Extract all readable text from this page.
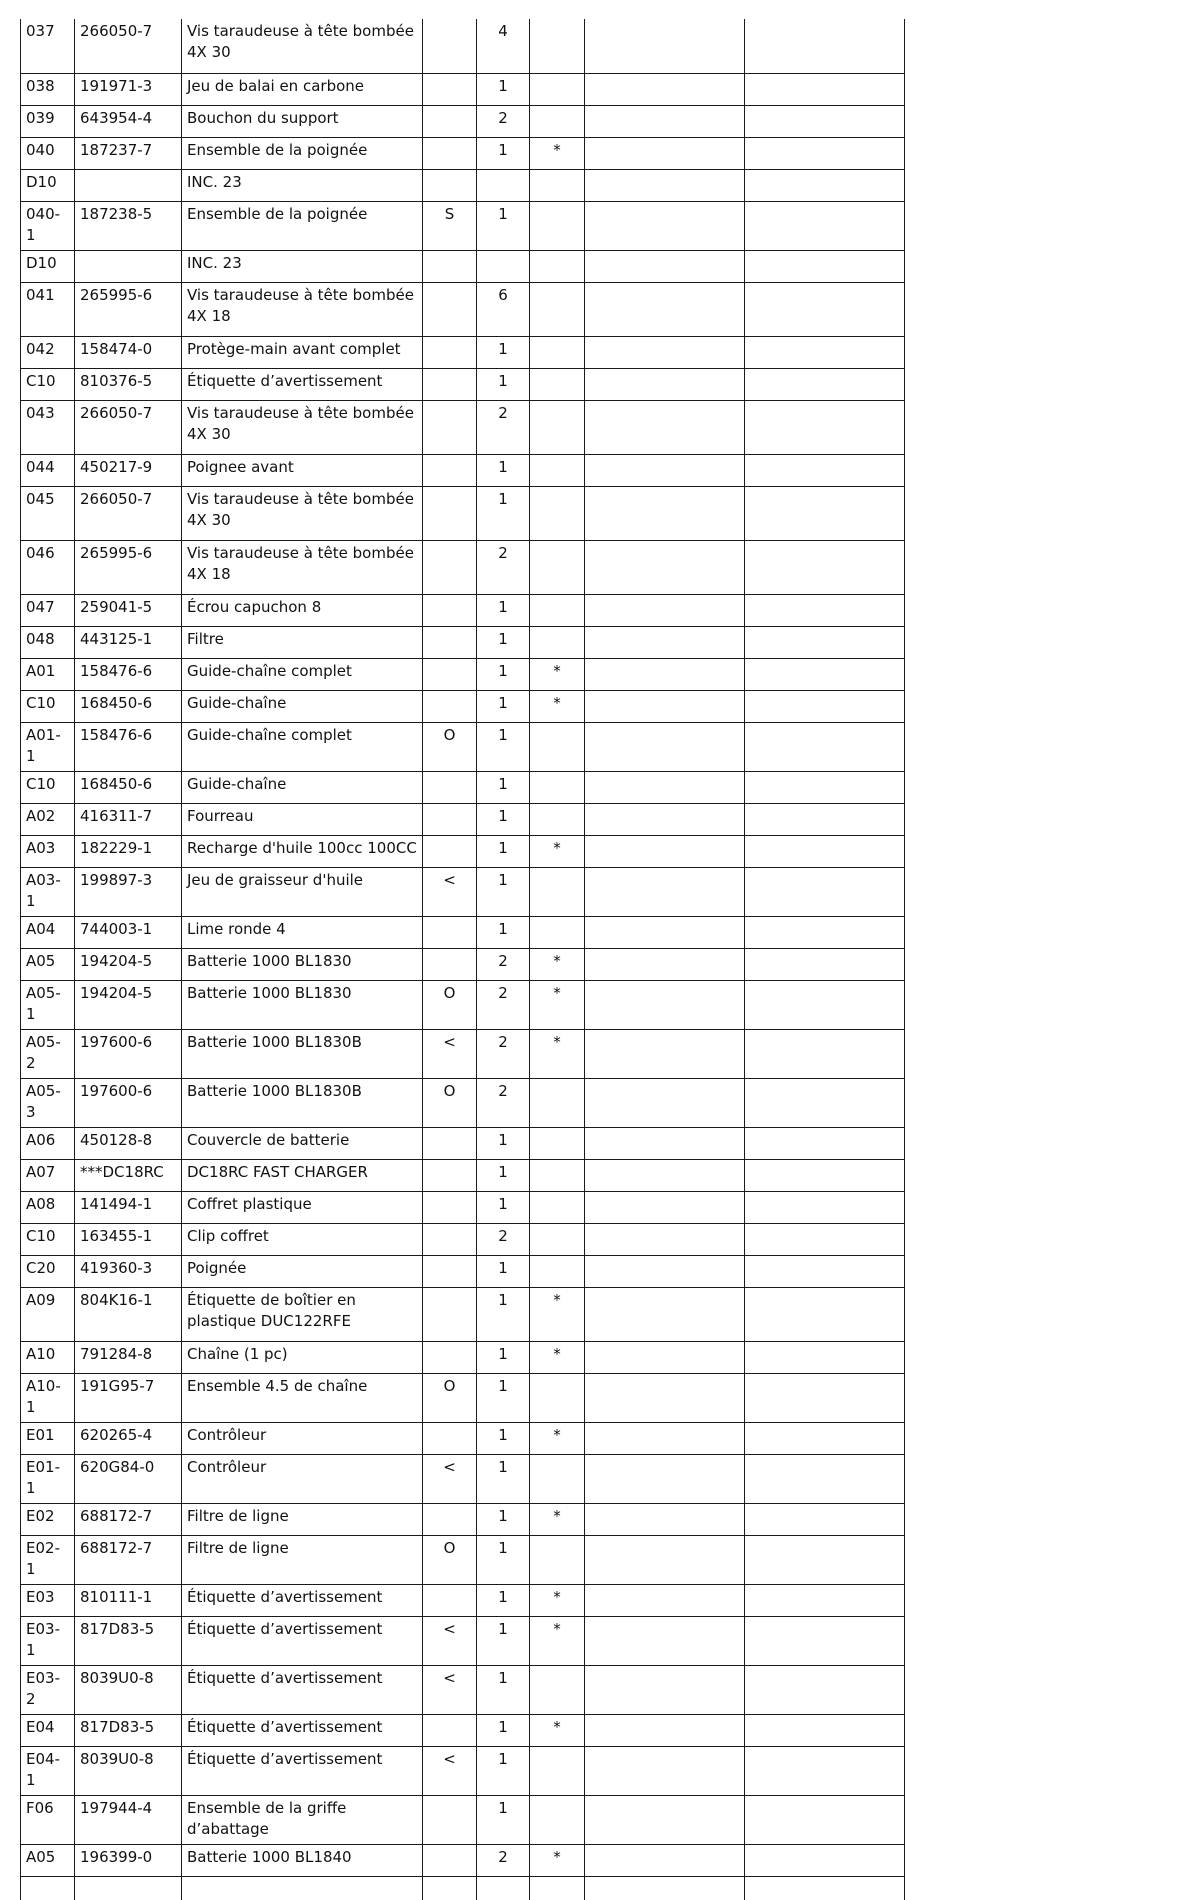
037	266050-7	Vis taraudeuse à tête bombée 4X 30		4			
038	191971-3	Jeu de balai en carbone		1			
039	643954-4	Bouchon du support		2			
040	187237-7	Ensemble de la poignée		1	*		
D10		INC. 23					
040-1	187238-5	Ensemble de la poignée	S	1			
D10		INC. 23					
041	265995-6	Vis taraudeuse à tête bombée 4X 18		6			
042	158474-0	Protège-main avant complet		1			
C10	810376-5	Étiquette d’avertissement		1			
043	266050-7	Vis taraudeuse à tête bombée 4X 30		2			
044	450217-9	Poignee avant		1			
045	266050-7	Vis taraudeuse à tête bombée 4X 30		1			
046	265995-6	Vis taraudeuse à tête bombée 4X 18		2			
047	259041-5	Écrou capuchon 8		1			
048	443125-1	Filtre		1			
A01	158476-6	Guide-chaîne complet		1	*		
C10	168450-6	Guide-chaîne		1	*		
A01-1	158476-6	Guide-chaîne complet	O	1			
C10	168450-6	Guide-chaîne		1			
A02	416311-7	Fourreau		1			
A03	182229-1	Recharge d'huile 100cc 100CC		1	*		
A03-1	199897-3	Jeu de graisseur d'huile	<	1			
A04	744003-1	Lime ronde 4		1			
A05	194204-5	Batterie 1000 BL1830		2	*		
A05-1	194204-5	Batterie 1000 BL1830	O	2	*		
A05-2	197600-6	Batterie 1000 BL1830B	<	2	*		
A05-3	197600-6	Batterie 1000 BL1830B	O	2			
A06	450128-8	Couvercle de batterie		1			
A07	***DC18RC	DC18RC FAST CHARGER		1			
A08	141494-1	Coffret plastique		1			
C10	163455-1	Clip coffret		2			
C20	419360-3	Poignée		1			
A09	804K16-1	Étiquette de boîtier en plastique DUC122RFE		1	*		
A10	791284-8	Chaîne (1 pc)		1	*		
A10-1	191G95-7	Ensemble 4.5 de chaîne	O	1			
E01	620265-4	Contrôleur		1	*		
E01-1	620G84-0	Contrôleur	<	1			
E02	688172-7	Filtre de ligne		1	*		
E02-1	688172-7	Filtre de ligne	O	1			
E03	810111-1	Étiquette d’avertissement		1	*		
E03-1	817D83-5	Étiquette d’avertissement	<	1	*		
E03-2	8039U0-8	Étiquette d’avertissement	<	1			
E04	817D83-5	Étiquette d’avertissement		1	*		
E04-1	8039U0-8	Étiquette d’avertissement	<	1			
F06	197944-4	Ensemble de la griffe d’abattage		1			
A05	196399-0	Batterie 1000 BL1840		2	*		
